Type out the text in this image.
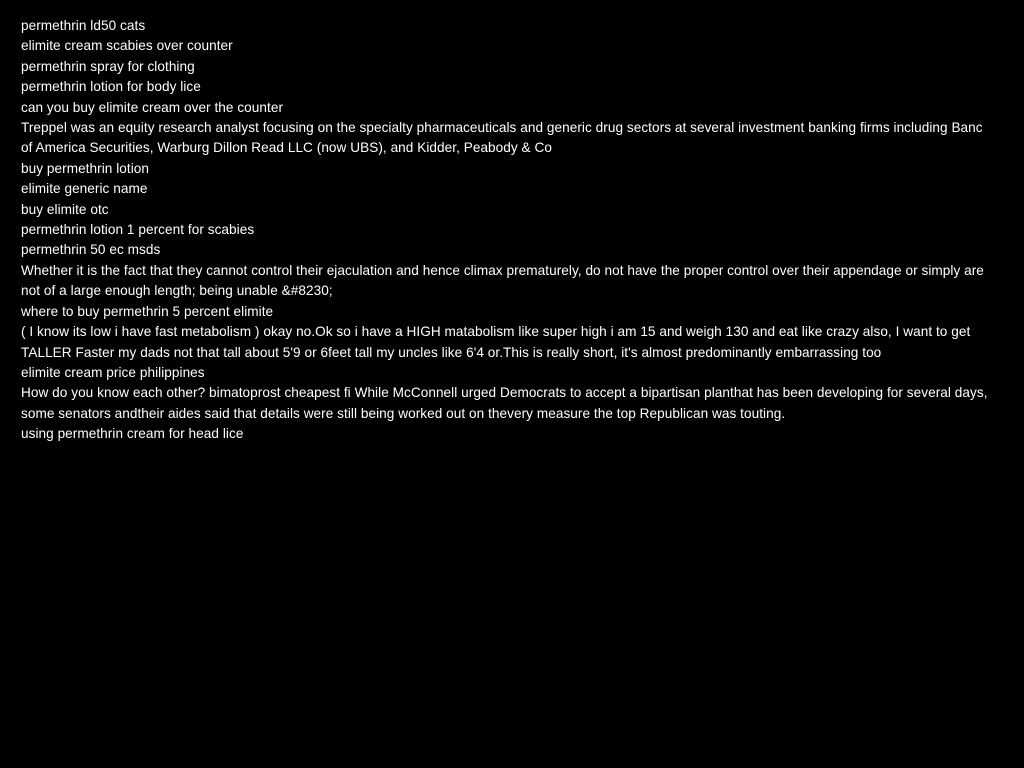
permethrin ld50 cats

elimite cream scabies over counter

permethrin spray for clothing

permethrin lotion for body lice

can you buy elimite cream over the counter

Treppel was an equity research analyst focusing on the specialty pharmaceuticals and generic drug sectors at several investment banking firms including Banc of America Securities, Warburg Dillon Read LLC (now UBS), and Kidder, Peabody & Co

buy permethrin lotion

elimite generic name

buy elimite otc

permethrin lotion 1 percent for scabies

permethrin 50 ec msds

Whether it is the fact that they cannot control their ejaculation and hence climax prematurely, do not have the proper control over their appendage or simply are not of a large enough length; being unable &#8230;

where to buy permethrin 5 percent elimite

( I know its low i have fast metabolism ) okay no.Ok so i have a HIGH matabolism like super high i am 15 and weigh 130 and eat like crazy also, I want to get TALLER Faster my dads not that tall about 5'9 or 6feet tall my uncles like 6'4 or.This is really short, it's almost predominantly embarrassing too

elimite cream price philippines

How do you know each other? bimatoprost cheapest fi While McConnell urged Democrats to accept a bipartisan planthat has been developing for several days, some senators andtheir aides said that details were still being worked out on thevery measure the top Republican was touting.

using permethrin cream for head lice
